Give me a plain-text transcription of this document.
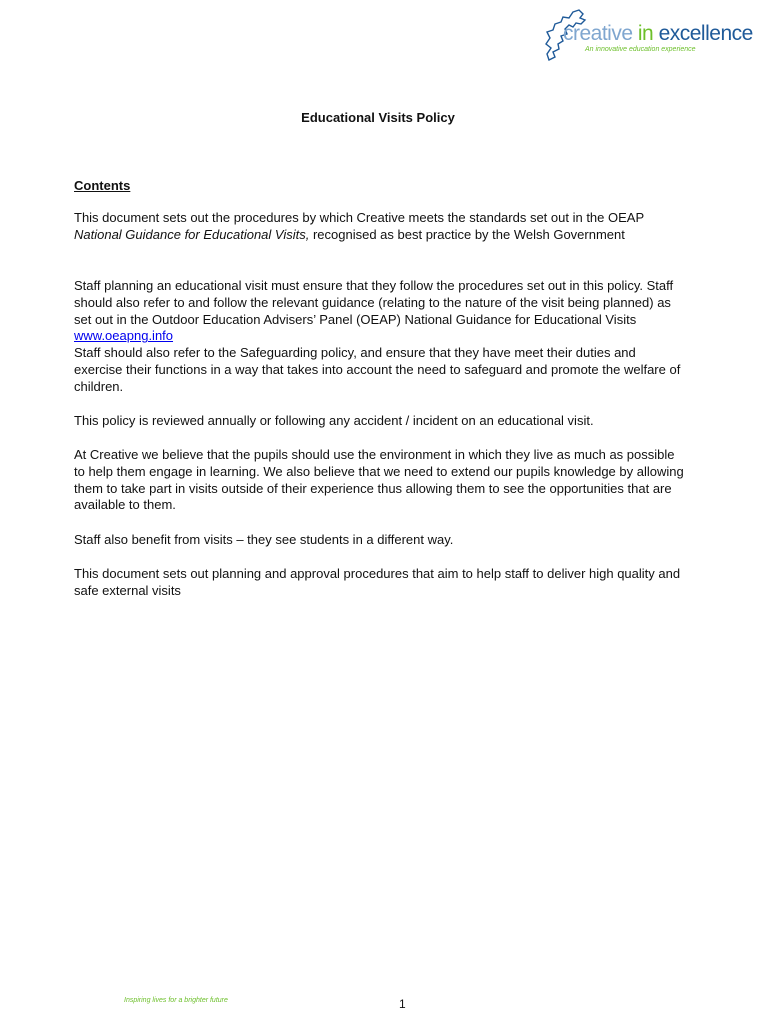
creative in excellence
An innovative education experience
Educational Visits Policy
Contents

This document sets out the procedures by which Creative meets the standards set out in the OEAP National Guidance for Educational Visits, recognised as best practice by the Welsh Government

Staff planning an educational visit must ensure that they follow the procedures set out in this policy. Staff should also refer to and follow the relevant guidance (relating to the nature of the visit being planned) as set out in the Outdoor Education Advisers’ Panel (OEAP) National Guidance for Educational Visits www.oeapng.info
Staff should also refer to the Safeguarding policy, and ensure that they have meet their duties and exercise their functions in a way that takes into account the need to safeguard and promote the welfare of children.

This policy is reviewed annually or following any accident / incident on an educational visit.

At Creative we believe that the pupils should use the environment in which they live as much as possible to help them engage in learning. We also believe that we need to extend our pupils knowledge by allowing them to take part in visits outside of their experience thus allowing them to see the opportunities that are available to them.

Staff also benefit from visits – they see students in a different way.

This document sets out planning and approval procedures that aim to help staff to deliver high quality and safe external visits

Inspiring lives for a brighter future	1
